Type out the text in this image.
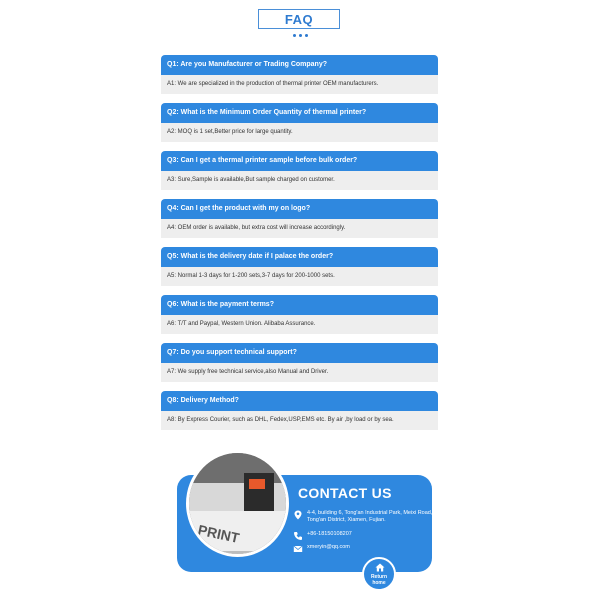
FAQ
Q1: Are you Manufacturer or Trading Company?
A1: We are specialized in the production of thermal printer OEM manufacturers.
Q2: What is the Minimum Order Quantity of thermal printer?
A2: MOQ is 1 set,Better price for large quantity.
Q3: Can I get a thermal printer sample before bulk order?
A3: Sure,Sample is available,But sample charged on customer.
Q4: Can I get the product with my on logo?
A4: OEM order is available, but extra cost will increase accordingly.
Q5: What is the delivery date if I palace the order?
A5: Normal 1-3 days for 1-200 sets,3-7 days for 200-1000 sets.
Q6: What is the payment terms?
A6: T/T and Paypal, Western Union. Alibaba Assurance.
Q7: Do you support technical support?
A7: We supply free technical service,also Manual and Driver.
Q8: Delivery Method?
A8: By Express Courier, such as DHL, Fedex,USP,EMS etc. By air ,by load or by sea.
PRINT
CONTACT US
4-4, building 6, Tong'an Industrial Park, Meixi Road, Tong'an District, Xiamen, Fujian.
+86-18150108207
xmeryin@qq.com
Return
home
